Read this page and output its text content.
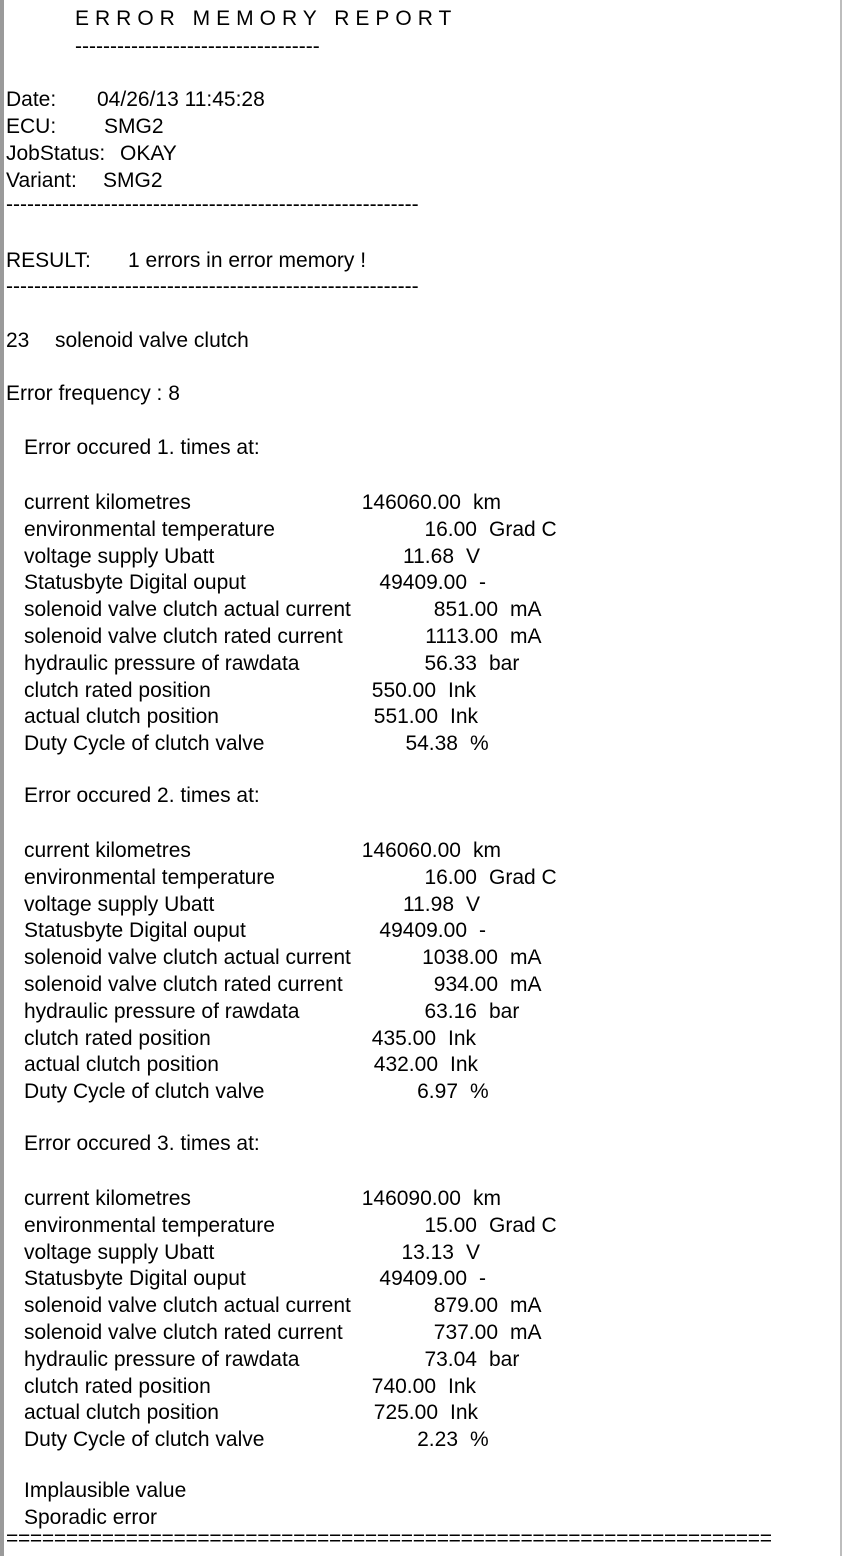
ERROR MEMORY REPORT
-----------------------------------
Date: 04/26/13 11:45:28
ECU: SMG2
JobStatus: OKAY
Variant: SMG2
-----------------------------------------------------------
RESULT: 1 errors in error memory !
-----------------------------------------------------------
23 solenoid valve clutch
Error frequency : 8
Error occured 1. times at:
current kilometres	146060.00 km
environmental temperature	16.00 Grad C
voltage supply Ubatt	11.68 V
Statusbyte Digital ouput	49409.00 -
solenoid valve clutch actual current	851.00 mA
solenoid valve clutch rated current	1113.00 mA
hydraulic pressure of rawdata	56.33 bar
clutch rated position	550.00 Ink
actual clutch position	551.00 Ink
Duty Cycle of clutch valve	54.38 %
Error occured 2. times at:
current kilometres	146060.00 km
environmental temperature	16.00 Grad C
voltage supply Ubatt	11.98 V
Statusbyte Digital ouput	49409.00 -
solenoid valve clutch actual current	1038.00 mA
solenoid valve clutch rated current	934.00 mA
hydraulic pressure of rawdata	63.16 bar
clutch rated position	435.00 Ink
actual clutch position	432.00 Ink
Duty Cycle of clutch valve	6.97 %
Error occured 3. times at:
current kilometres	146090.00 km
environmental temperature	15.00 Grad C
voltage supply Ubatt	13.13 V
Statusbyte Digital ouput	49409.00 -
solenoid valve clutch actual current	879.00 mA
solenoid valve clutch rated current	737.00 mA
hydraulic pressure of rawdata	73.04 bar
clutch rated position	740.00 Ink
actual clutch position	725.00 Ink
Duty Cycle of clutch valve	2.23 %
Implausible value
Sporadic error
================================================================
